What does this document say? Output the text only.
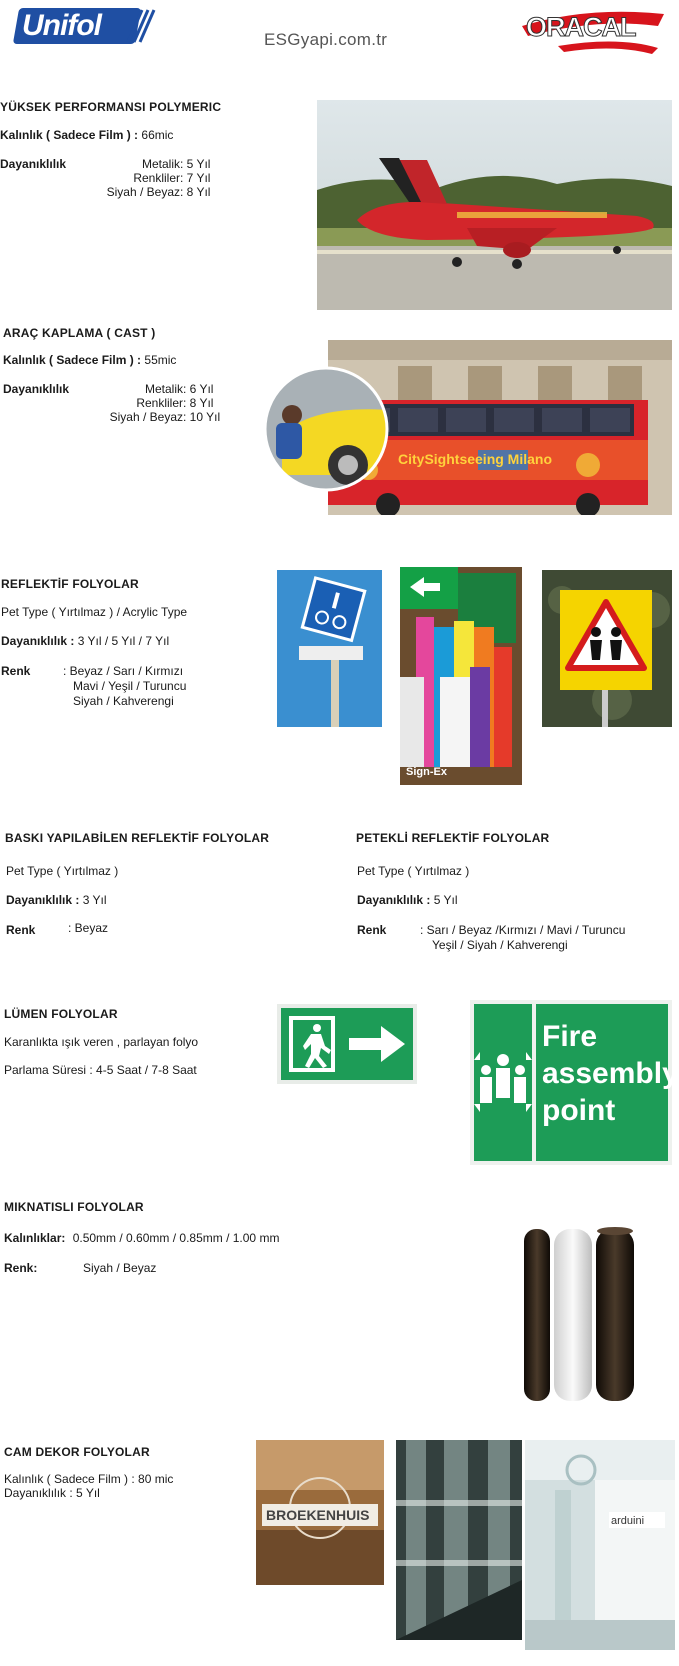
Unifol	ESGyapi.com.tr	ORACAL
YÜKSEK PERFORMANSI POLYMERIC
Kalınlık ( Sadece Film ) : 66mic
Dayanıklılık	Metalik : 5 Yıl
Renkliler : 7 Yıl
Siyah / Beyaz : 8 Yıl
ARAÇ KAPLAMA ( CAST )
Kalınlık ( Sadece Film ) : 55mic
Dayanıklılık	Metalik : 6 Yıl
Renkliler : 8 Yıl
Siyah / Beyaz : 10 Yıl
CitySightseeing Milano
REFLEKTİF FOLYOLAR
Pet Type ( Yırtılmaz ) / Acrylic Type
Dayanıklılık : 3 Yıl / 5 Yıl / 7 Yıl
Renk	: Beyaz / Sarı / Kırmızı
Mavi / Yeşil / Turuncu
Siyah / Kahverengi
Sign-Ex
BASKI YAPILABİLEN REFLEKTİF FOLYOLAR
Pet Type ( Yırtılmaz )
Dayanıklılık : 3 Yıl
Renk	: Beyaz
PETEKLİ REFLEKTİF FOLYOLAR
Pet Type ( Yırtılmaz )
Dayanıklılık : 5 Yıl
Renk	: Sarı / Beyaz /Kırmızı / Mavi / Turuncu
Yeşil / Siyah / Kahverengi
LÜMEN FOLYOLAR
Karanlıkta ışık veren , parlayan folyo
Parlama Süresi : 4-5 Saat / 7-8 Saat
Fire
assembly
point
MIKNATISLI FOLYOLAR
Kalınlıklar: 0.50mm / 0.60mm / 0.85mm / 1.00 mm
Renk:	Siyah / Beyaz
CAM DEKOR FOLYOLAR
Kalınlık ( Sadece Film ) : 80 mic
Dayanıklılık : 5 Yıl
BROEKENHUIS	arduini
